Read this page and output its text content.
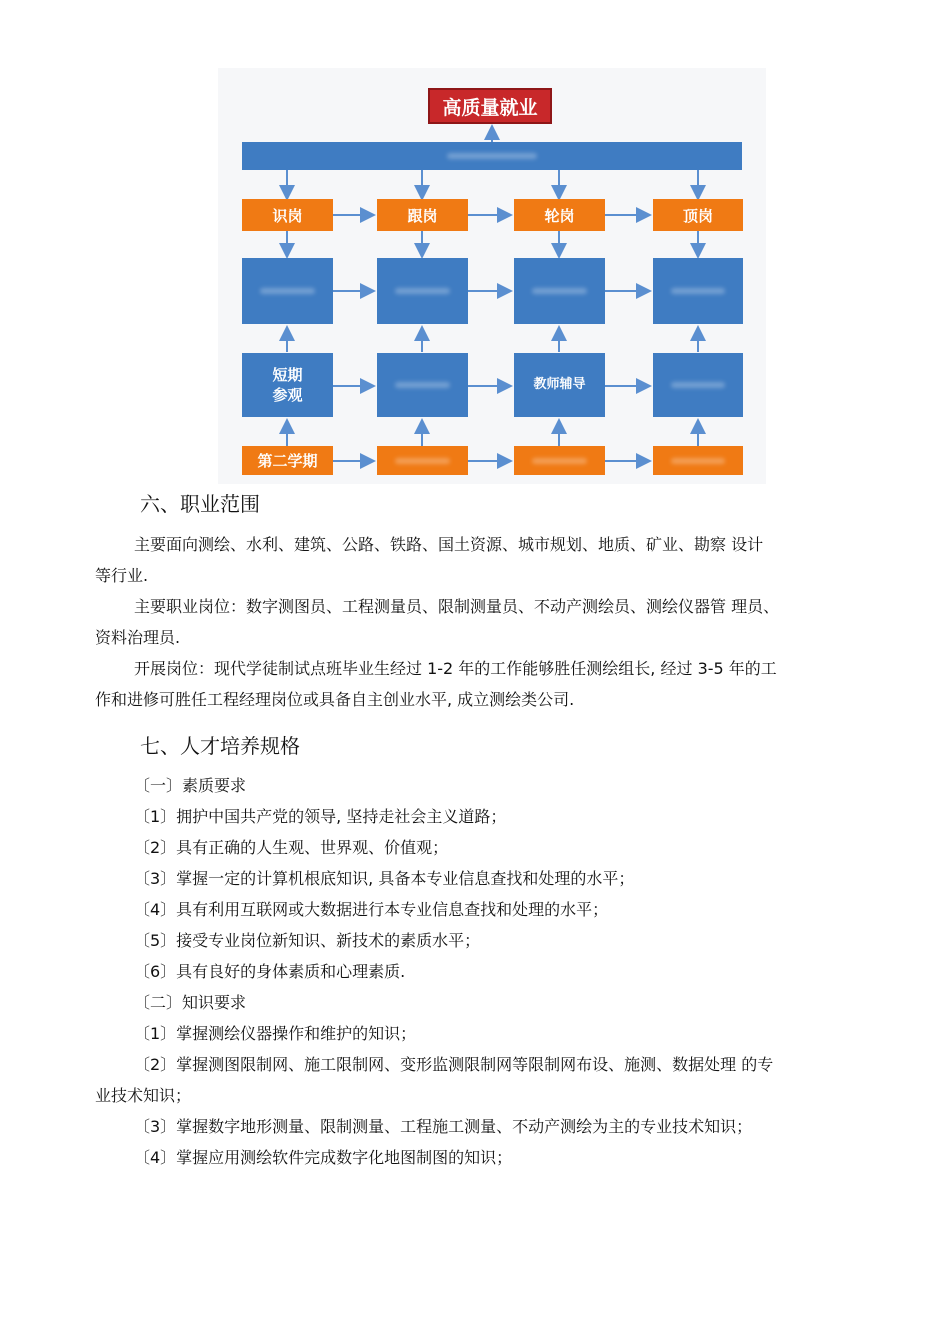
高质量就业
识岗	跟岗	轮岗	顶岗
短期
参观
教师辅导
第二学期
六、职业范围
主要面向测绘、水利、建筑、公路、铁路、国土资源、城市规划、地质、矿业、勘察 设计
等行业.
主要职业岗位：数字测图员、工程测量员、限制测量员、不动产测绘员、测绘仪器管 理员、
资料治理员.
开展岗位：现代学徒制试点班毕业生经过 1-2 年的工作能够胜任测绘组长, 经过 3-5 年的工
作和进修可胜任工程经理岗位或具备自主创业水平, 成立测绘类公司.
七、人才培养规格
〔一〕素质要求
〔1〕拥护中国共产党的领导, 坚持走社会主义道路；
〔2〕具有正确的人生观、世界观、价值观；
〔3〕掌握一定的计算机根底知识, 具备本专业信息查找和处理的水平；
〔4〕具有利用互联网或大数据进行本专业信息查找和处理的水平；
〔5〕接受专业岗位新知识、新技术的素质水平；
〔6〕具有良好的身体素质和心理素质.
〔二〕知识要求
〔1〕掌握测绘仪器操作和维护的知识；
〔2〕掌握测图限制网、施工限制网、变形监测限制网等限制网布设、施测、数据处理 的专
业技术知识；
〔3〕掌握数字地形测量、限制测量、工程施工测量、不动产测绘为主的专业技术知识；
〔4〕掌握应用测绘软件完成数字化地图制图的知识；
